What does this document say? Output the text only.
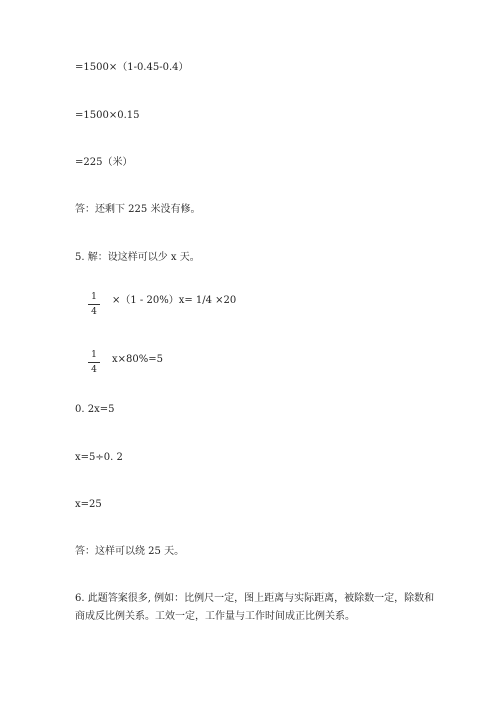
=1500×（1-0.45-0.4）
=1500×0.15
=225（米）
答：还剩下 225 米没有修。
5. 解：设这样可以少 x 天。
1
4
×（1 - 20%）x= 1/4 ×20
1
4
x×80%=5
0. 2x=5
x=5÷0. 2
x=25
答：这样可以绕 25 天。
6. 此题答案很多, 例如：比例尺一定，图上距离与实际距离，被除数一定，除数和商成反比例关系。工效一定，工作量与工作时间成正比例关系。
